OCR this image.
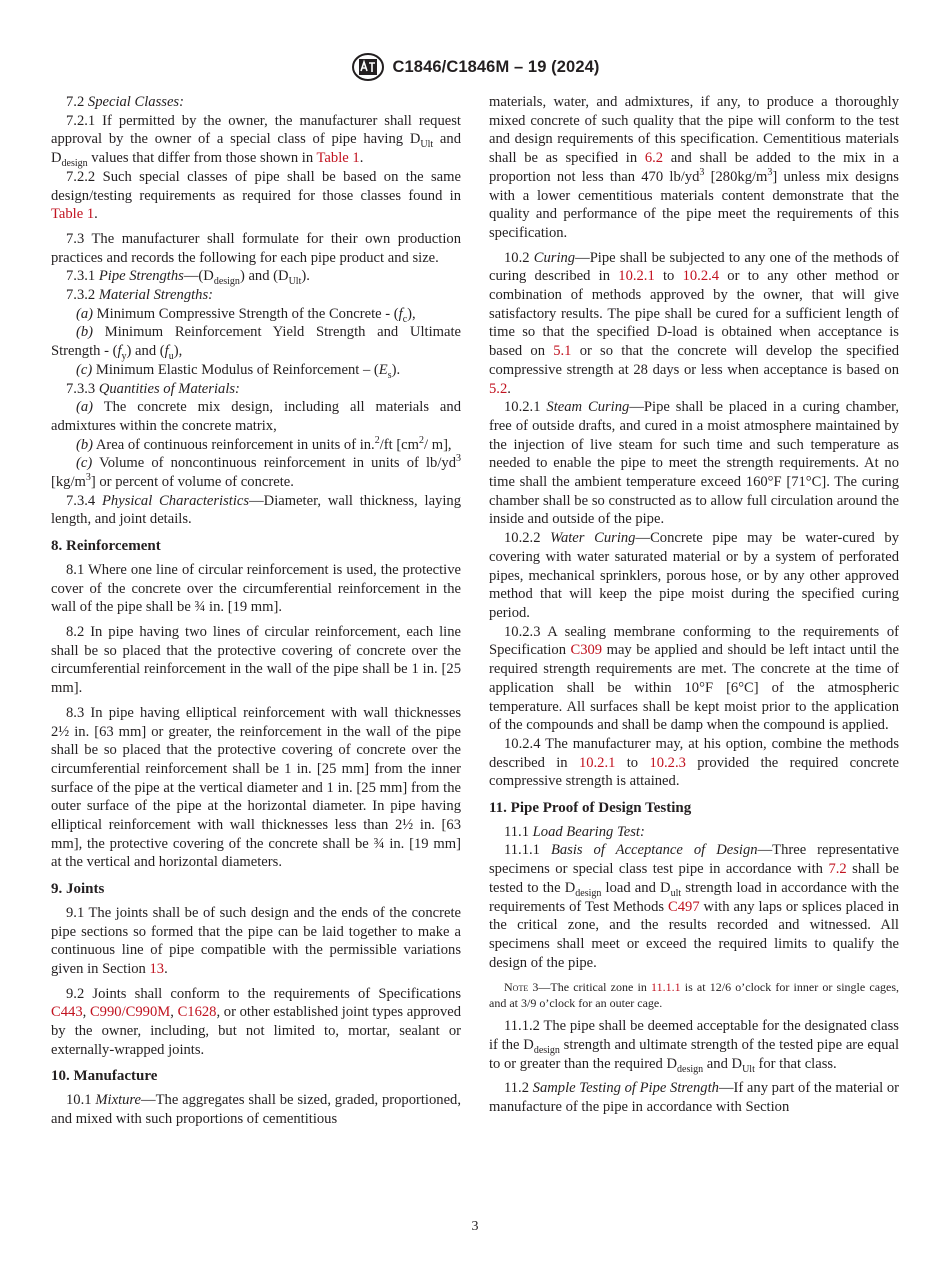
C1846/C1846M – 19 (2024)

7.2 Special Classes:

7.2.1 If permitted by the owner, the manufacturer shall request approval by the owner of a special class of pipe having $D_{Ult}$ and $D_{design}$ values that differ from those shown in Table 1.

7.2.2 Such special classes of pipe shall be based on the same design/testing requirements as required for those classes found in Table 1.

7.3 The manufacturer shall formulate for their own production practices and records the following for each pipe product and size.

7.3.1 Pipe $Strengths—(D_{design})$ and $(D_{Ult})$.

7.3.2 Material Strengths:

(a) Minimum Compressive Strength of the Concrete - $(f_c)$,

(b) Minimum Reinforcement Yield Strength and Ultimate Strength - $(f_y)$ and $(f_u)$,

(c) Minimum Elastic Modulus of Reinforcement – $(E_s)$.

7.3.3 Quantities of Materials:

(a) The concrete mix design, including all materials and admixtures within the concrete matrix,

(b) Area of continuous reinforcement in units of in.$^2$/ft [$cm^2/$ m],

(c) Volume of noncontinuous reinforcement in units of $lb/yd^3$ $[kg/m^3]$ or percent of volume of concrete.

7.3.4 Physical Characteristics—Diameter, wall thickness, laying length, and joint details.

8. Reinforcement

8.1 Where one line of circular reinforcement is used, the protective cover of the concrete over the circumferential reinforcement in the wall of the pipe shall be ¾ in. [19 mm].

8.2 In pipe having two lines of circular reinforcement, each line shall be so placed that the protective covering of concrete over the circumferential reinforcement in the wall of the pipe shall be 1 in. [25 mm].

8.3 In pipe having elliptical reinforcement with wall thicknesses 2½ in. [63 mm] or greater, the reinforcement in the wall of the pipe shall be so placed that the protective covering of concrete over the circumferential reinforcement shall be 1 in. [25 mm] from the inner surface of the pipe at the vertical diameter and 1 in. [25 mm] from the outer surface of the pipe at the horizontal diameter. In pipe having elliptical reinforcement with wall thicknesses less than 2½ in. [63 mm], the protective covering of the concrete shall be ¾ in. [19 mm] at the vertical and horizontal diameters.

9. Joints

9.1 The joints shall be of such design and the ends of the concrete pipe sections so formed that the pipe can be laid together to make a continuous line of pipe compatible with the permissible variations given in Section 13.

9.2 Joints shall conform to the requirements of Specifications C443, C990/C990M, C1628, or other established joint types approved by the owner, including, but not limited to, mortar, sealant or externally-wrapped joints.

10. Manufacture

10.1 Mixture—The aggregates shall be sized, graded, proportioned, and mixed with such proportions of cementitious

materials, water, and admixtures, if any, to produce a thoroughly mixed concrete of such quality that the pipe will conform to the test and design requirements of this specification. Cementitious materials shall be as specified in 6.2 and shall be added to the mix in a proportion not less than 470 $lb/yd^3$ $[280kg/m^3]$ unless mix designs with a lower cementitious materials content demonstrate that the quality and performance of the pipe meet the requirements of this specification.

10.2 Curing—Pipe shall be subjected to any one of the methods of curing described in 10.2.1 to 10.2.4 or to any other method or combination of methods approved by the owner, that will give satisfactory results. The pipe shall be cured for a sufficient length of time so that the specified D-load is obtained when acceptance is based on 5.1 or so that the concrete will develop the specified compressive strength at 28 days or less when acceptance is based on 5.2.

10.2.1 Steam Curing—Pipe shall be placed in a curing chamber, free of outside drafts, and cured in a moist atmosphere maintained by the injection of live steam for such time and such temperature as needed to enable the pipe to meet the strength requirements. At no time shall the ambient temperature exceed 160°F [71°C]. The curing chamber shall be so constructed as to allow full circulation around the inside and outside of the pipe.

10.2.2 Water Curing—Concrete pipe may be water-cured by covering with water saturated material or by a system of perforated pipes, mechanical sprinklers, porous hose, or by any other approved method that will keep the pipe moist during the specified curing period.

10.2.3 A sealing membrane conforming to the requirements of Specification C309 may be applied and should be left intact until the required strength requirements are met. The concrete at the time of application shall be within 10°F [6°C] of the atmospheric temperature. All surfaces shall be kept moist prior to the application of the compounds and shall be damp when the compound is applied.

10.2.4 The manufacturer may, at his option, combine the methods described in 10.2.1 to 10.2.3 provided the required concrete compressive strength is attained.

11. Pipe Proof of Design Testing

11.1 Load Bearing Test:

11.1.1 Basis of Acceptance of Design—Three representative specimens or special class test pipe in accordance with 7.2 shall be tested to the $D_{design}$ load and $D_{ult}$ strength load in accordance with the requirements of Test Methods C497 with any laps or splices placed in the critical zone, and the results recorded and witnessed. All specimens shall meet or exceed the required limits to qualify the design of the pipe.

Note 3—The critical zone in 11.1.1 is at 12/6 o’clock for inner or single cages, and at 3/9 o’clock for an outer cage.

11.1.2 The pipe shall be deemed acceptable for the designated class if the $D_{design}$ strength and ultimate strength of the tested pipe are equal to or greater than the required $D_{design}$ and $D_{Ult}$ for that class.

11.2 Sample Testing of Pipe Strength—If any part of the material or manufacture of the pipe in accordance with Section

3
